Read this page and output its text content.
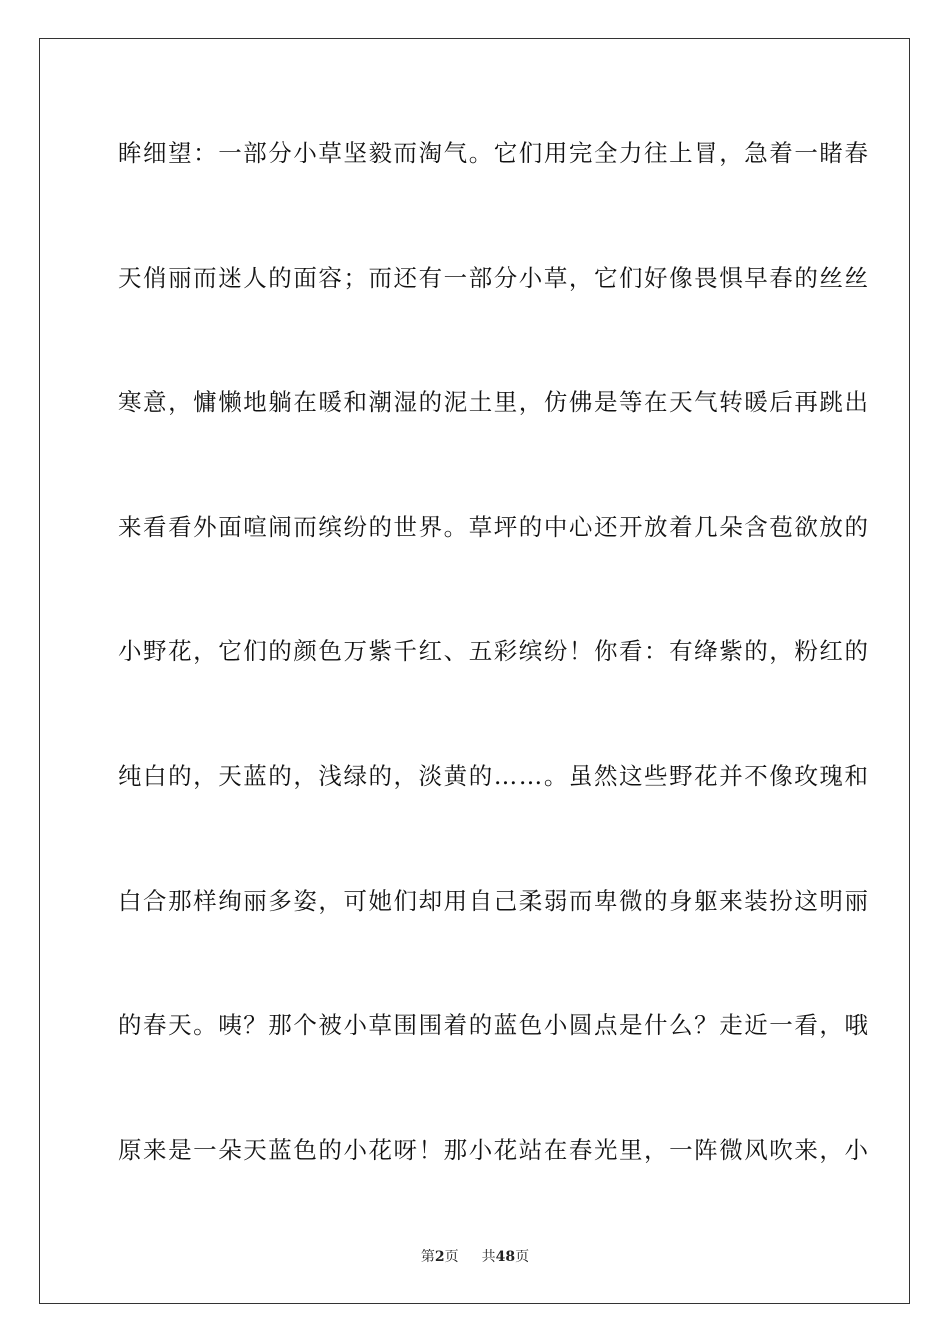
眸细望：一部分小草坚毅而淘气。它们用完全力往上冒，急着一睹春
天俏丽而迷人的面容；而还有一部分小草，它们好像畏惧早春的丝丝
寒意，慵懒地躺在暖和潮湿的泥土里，仿佛是等在天气转暖后再跳出
来看看外面喧闹而缤纷的世界。草坪的中心还开放着几朵含苞欲放的
小野花，它们的颜色万紫千红、五彩缤纷！你看：有绛紫的，粉红的
纯白的，天蓝的，浅绿的，淡黄的……。虽然这些野花并不像玫瑰和
白合那样绚丽多姿，可她们却用自己柔弱而卑微的身躯来装扮这明丽
的春天。咦？那个被小草围围着的蓝色小圆点是什么？走近一看，哦
原来是一朵天蓝色的小花呀！那小花站在春光里，一阵微风吹来，小
第2页 共48页
